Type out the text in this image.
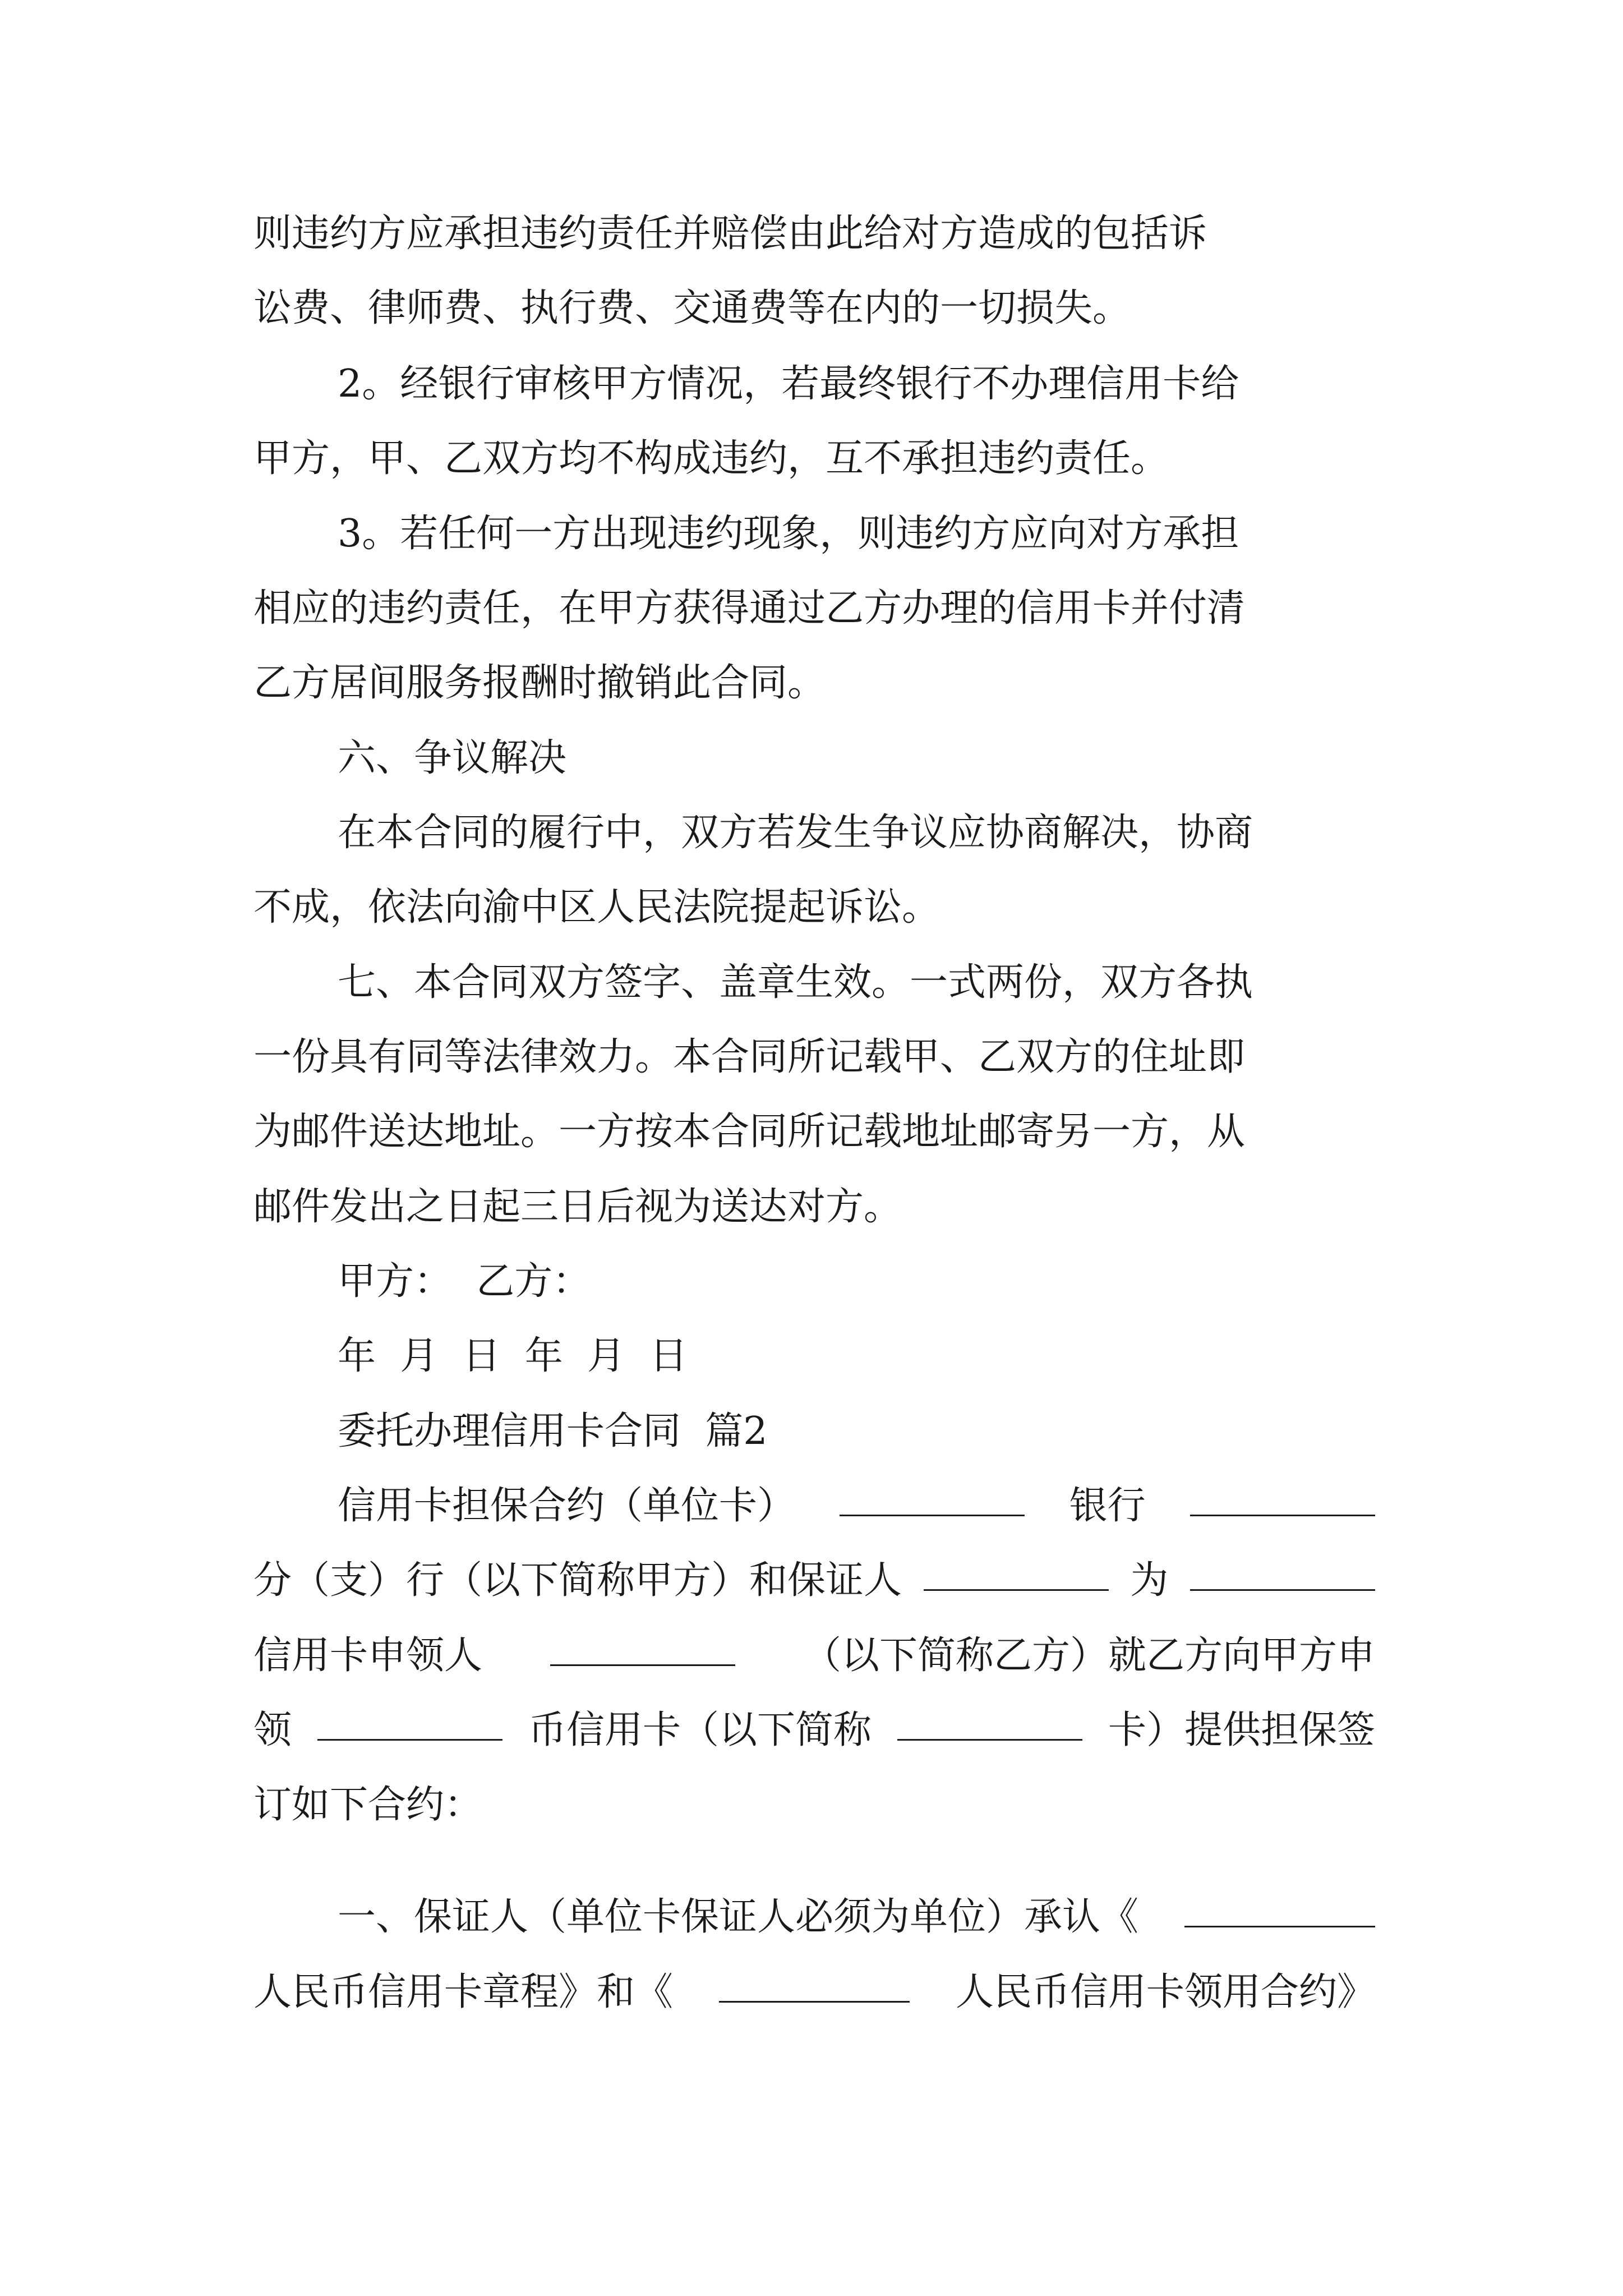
则违约方应承担违约责任并赔偿由此给对方造成的包括诉
讼费、律师费、执行费、交通费等在内的一切损失。
2。经银行审核甲方情况，若最终银行不办理信用卡给
甲方，甲、乙双方均不构成违约，互不承担违约责任。
3。若任何一方出现违约现象，则违约方应向对方承担
相应的违约责任，在甲方获得通过乙方办理的信用卡并付清
乙方居间服务报酬时撤销此合同。
六、争议解决
在本合同的履行中，双方若发生争议应协商解决，协商
不成，依法向渝中区人民法院提起诉讼。
七、本合同双方签字、盖章生效。一式两份，双方各执
一份具有同等法律效力。本合同所记载甲、乙双方的住址即
为邮件送达地址。一方按本合同所记载地址邮寄另一方，从
邮件发出之日起三日后视为送达对方。
甲方：  乙方：
年  月  日  年  月  日
委托办理信用卡合同  篇2
信用卡担保合约（单位卡）	银行
分（支）行（以下简称甲方）和保证人	为
信用卡申领人	（以下简称乙方）就乙方向甲方申
领	币信用卡（以下简称	卡）提供担保签
订如下合约：
一、保证人（单位卡保证人必须为单位）承认《
人民币信用卡章程》和《	人民币信用卡领用合约》
